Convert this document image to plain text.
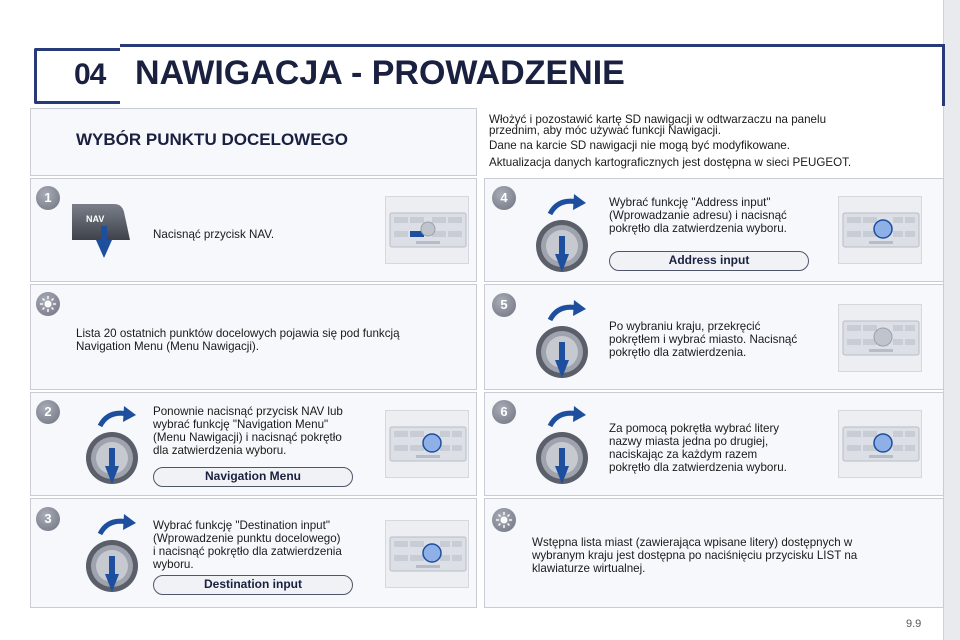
04 NAWIGACJA - PROWADZENIE
WYBÓR PUNKTU DOCELOWEGO
Włożyć i pozostawić kartę SD nawigacji w odtwarzaczu na panelu
przednim, aby móc używać funkcji Nawigacji.
Dane na karcie SD nawigacji nie mogą być modyfikowane.
Aktualizacja danych kartograficznych jest dostępna w sieci PEUGEOT.
1
NAV
Nacisnąć przycisk NAV.
Lista 20 ostatnich punktów docelowych pojawia się pod funkcją
Navigation Menu (Menu Nawigacji).
2	Ponownie nacisnąć przycisk NAV lub
wybrać funkcję "Navigation Menu"
(Menu Nawigacji) i nacisnąć pokrętło
dla zatwierdzenia wyboru.
Navigation Menu
3	Wybrać funkcję "Destination input"
(Wprowadzenie punktu docelowego)
i nacisnąć pokrętło dla zatwierdzenia
wyboru.
Destination input
4	Wybrać funkcję "Address input"
(Wprowadzanie adresu) i nacisnąć
pokrętło dla zatwierdzenia wyboru.
Address input
5
Po wybraniu kraju, przekręcić
pokrętłem i wybrać miasto. Nacisnąć
pokrętło dla zatwierdzenia.
6
Za pomocą pokrętła wybrać litery
nazwy miasta jedna po drugiej,
naciskając za każdym razem
pokrętło dla zatwierdzenia wyboru.
Wstępna lista miast (zawierająca wpisane litery) dostępnych w
wybranym kraju jest dostępna po naciśnięciu przycisku LIST na
klawiaturze wirtualnej.
9.9
